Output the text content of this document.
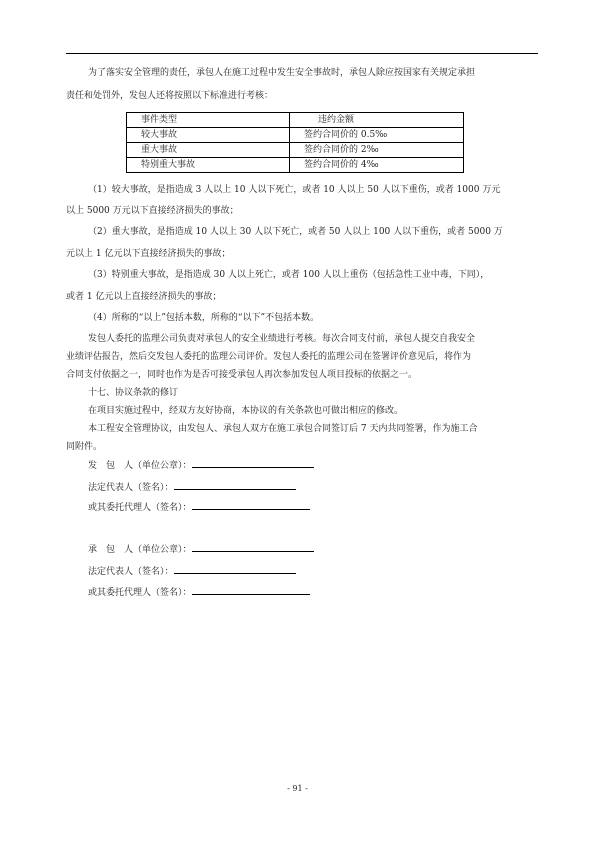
为了落实安全管理的责任，承包人在施工过程中发生安全事故时，承包人除应按国家有关规定承担
责任和处罚外，发包人还将按照以下标准进行考核：
事件类型	违约金额
较大事故	签约合同价的 0.5‰
重大事故	签约合同价的 2‰
特别重大事故	签约合同价的 4‰
（1）较大事故，是指造成 3 人以上 10 人以下死亡，或者 10 人以上 50 人以下重伤，或者 1000 万元
以上 5000 万元以下直接经济损失的事故；
（2）重大事故，是指造成 10 人以上 30 人以下死亡，或者 50 人以上 100 人以下重伤，或者 5000 万
元以上 1 亿元以下直接经济损失的事故；
（3）特别重大事故，是指造成 30 人以上死亡，或者 100 人以上重伤（包括急性工业中毒，下同），
或者 1 亿元以上直接经济损失的事故；
（4）所称的“以上”包括本数，所称的“以下”不包括本数。
发包人委托的监理公司负责对承包人的安全业绩进行考核。每次合同支付前，承包人提交自我安全
业绩评估报告，然后交发包人委托的监理公司评价。发包人委托的监理公司在签署评价意见后，将作为
合同支付依据之一，同时也作为是否可接受承包人再次参加发包人项目投标的依据之一。
十七、协议条款的修订
在项目实施过程中，经双方友好协商，本协议的有关条款也可做出相应的修改。
本工程安全管理协议，由发包人、承包人双方在施工承包合同签订后 7 天内共同签署，作为施工合
同附件。
发　包　人（单位公章）：
法定代表人（签名）：
或其委托代理人（签名）：
承　包　人（单位公章）：
法定代表人（签名）：
或其委托代理人（签名）：
- 91 -
